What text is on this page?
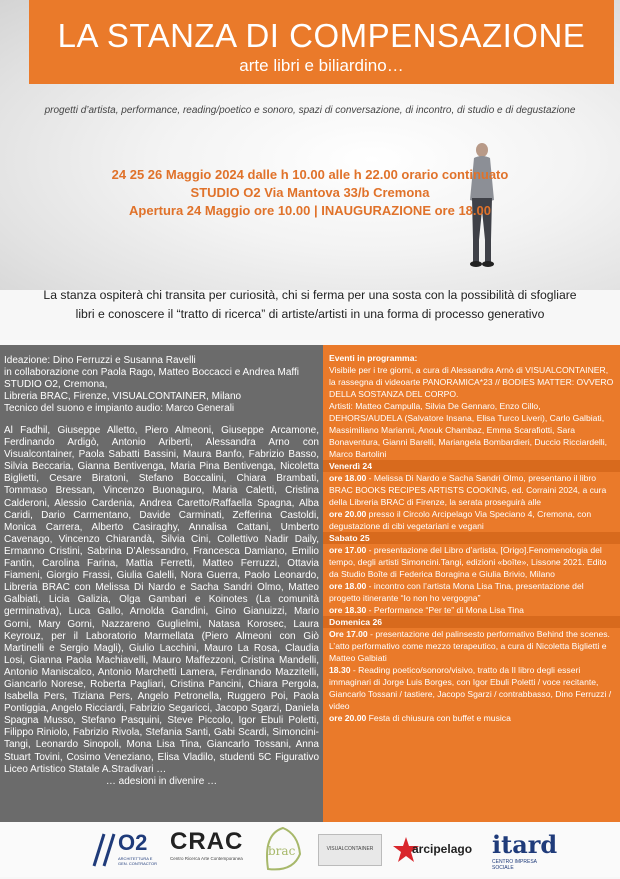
LA STANZA DI COMPENSAZIONE
arte libri e biliardino…
progetti d’artista, performance, reading/poetico e sonoro, spazi di conversazione, di incontro, di studio e di degustazione
24 25 26 Maggio 2024 dalle h 10.00 alle h 22.00 orario continuato
STUDIO O2 Via Mantova 33/b Cremona
Apertura 24 Maggio ore 10.00 | INAUGURAZIONE ore 18.00
La stanza ospiterà chi transita per curiosità, chi si ferma per una sosta con la possibilità di sfogliare libri e conoscere il “tratto di ricerca” di artiste/artisti in una forma di processo generativo
Ideazione: Dino Ferruzzi e Susanna Ravelli
in collaborazione con Paola Rago, Matteo Boccacci e Andrea Maffi
STUDIO O2, Cremona,
Libreria BRAC, Firenze, VISUALCONTAINER, Milano
Tecnico del suono e impianto audio: Marco Generali
Al Fadhil, Giuseppe Alletto, Piero Almeoni, Giuseppe Arcamone, Ferdinando Ardigò, Antonio Ariberti, Alessandra Arno con Visualcontainer, Paola Sabatti Bassini, Maura Banfo, Fabrizio Basso, Silvia Beccaria, Gianna Bentivenga, Maria Pina Bentivenga, Nicoletta Biglietti, Cesare Biratoni, Stefano Boccalini, Chiara Brambati, Tommaso Bressan, Vincenzo Buonaguro, Maria Caletti, Cristina Calderoni, Alessio Cardenia, Andrea Caretto/Raffaella Spagna, Alba Caridi, Dario Carmentano, Davide Carminati, Zefferina Castoldi, Monica Carrera, Alberto Casiraghy, Annalisa Cattani, Umberto Cavenago, Vincenzo Chiarandà, Silvia Cini, Collettivo Nadir Daily, Ermanno Cristini, Sabrina D’Alessandro, Francesca Damiano, Emilio Fantin, Carolina Farina, Mattia Ferretti, Matteo Ferruzzi, Ottavia Fiameni, Giorgio Frassi, Giulia Galelli, Nora Guerra, Paolo Leonardo, Libreria BRAC con Melissa Di Nardo e Sacha Sandri Olmo, Matteo Galbiati, Licia Galizia, Olga Gambari e Koinotes (La comunità germinativa), Luca Gallo, Arnolda Gandini, Gino Gianuizzi, Mario Gorni, Mary Gorni, Nazzareno Guglielmi, Natasa Korosec, Laura Keyrouz, per il Laboratorio Marmellata (Piero Almeoni con Giò Martinelli e Sergio Magli), Giulio Lacchini, Mauro La Rosa, Claudia Losi, Gianna Paola Machiavelli, Mauro Maffezzoni, Cristina Mandelli, Antonio Maniscalco, Antonio Marchetti Lamera, Ferdinando Mazzitelli, Giancarlo Norese, Roberta Pagliari, Cristina Pancini, Chiara Pergola, Isabella Pers, Tiziana Pers, Angelo Petronella, Ruggero Poi, Paola Pontiggia, Angelo Ricciardi, Fabrizio Segaricci, Jacopo Sgarzi, Daniela Spagna Musso, Stefano Pasquini, Steve Piccolo, Igor Ebuli Poletti, Filippo Riniolo, Fabrizio Rivola, Stefania Santi, Gabi Scardi, Simoncini-Tangi, Leonardo Sinopoli, Mona Lisa Tina, Giancarlo Tossani, Anna Stuart Tovini, Cosimo Veneziano, Elisa Vladilo, studenti 5C Figurativo Liceo Artistico Statale A.Stradivari …
… adesioni in divenire …

Eventi in programma:

Visibile per i tre giorni, a cura di Alessandra Arnò di VISUALCONTAINER, la rassegna di videoarte PANORAMICA*23 // BODIES MATTER: OVVERO DELLA SOSTANZA DEL CORPO.

Artisti: Matteo Campulla, Silvia De Gennaro, Enzo Cillo, DEHORS/AUDELA (Salvatore Insana, Elisa Turco Liveri), Carlo Galbiati, Massimiliano Marianni, Anouk Chambaz, Emma Scarafiotti, Sara Bonaventura, Gianni Barelli, Mariangela Bombardieri, Duccio Ricciardelli, Marco Bartolini

Venerdì 24

ore 18.00 - Melissa Di Nardo e Sacha Sandri Olmo, presentano il libro BRAC BOOKS RECIPES ARTISTS COOKING, ed. Corraini 2024, a cura della Libreria BRAC di Firenze, la serata proseguirà alle

ore 20.00 presso il Circolo Arcipelago Via Speciano 4, Cremona, con degustazione di cibi vegetariani e vegani

Sabato 25

ore 17.00 - presentazione del Libro d’artista, [Origo].Fenomenologia del tempo, degli artisti Simoncini.Tangi, edizioni «boîte», Lissone 2021. Edito da Studio Boîte di Federica Boragina e Giulia Brivio, Milano

ore 18.00 - incontro con l’artista Mona Lisa Tina, presentazione del progetto itinerante “Io non ho vergogna”

ore 18.30 - Performance “Per te” di Mona Lisa Tina

Domenica 26

Ore 17.00 - presentazione del palinsesto performativo Behind the scenes. L’atto performativo come mezzo terapeutico, a cura di Nicoletta Biglietti e Matteo Galbiati

18.30 - Reading poetico/sonoro/visivo, tratto da Il libro degli esseri immaginari di Jorge Luis Borges, con Igor Ebuli Poletti / voce recitante, Giancarlo Tossani / tastiere, Jacopo Sgarzi / contrabbasso, Dino Ferruzzi / video

ore 20.00 Festa di chiusura con buffet e musica

O2
ARCHITETTURA E GEN. CONTRACTOR
CRAC
Centro Ricerca Arte Contemporanea
brac	VISUALCONTAINER	arcipelago itard
CENTRO IMPRESA SOCIALE
